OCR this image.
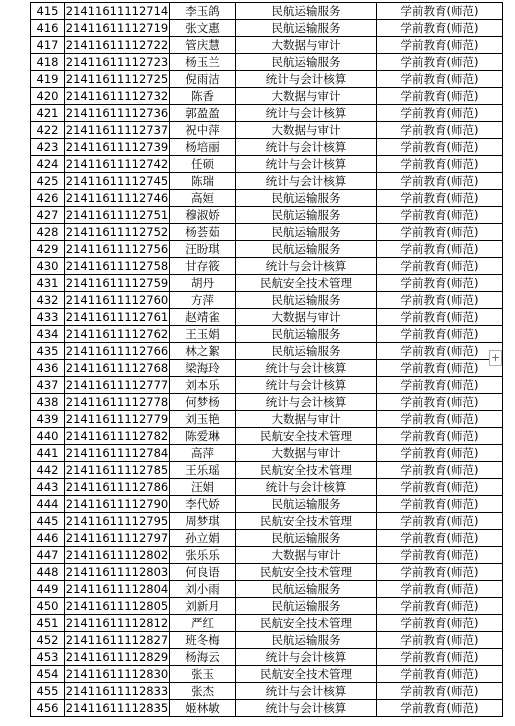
415	21411611112714	李玉鸽	民航运输服务	学前教育(师范)
416	21411611112719	张文惠	民航运输服务	学前教育(师范)
417	21411611112722	管庆慧	大数据与审计	学前教育(师范)
418	21411611112723	杨玉兰	民航运输服务	学前教育(师范)
419	21411611112725	倪雨洁	统计与会计核算	学前教育(师范)
420	21411611112732	陈香	大数据与审计	学前教育(师范)
421	21411611112736	郭盈盈	统计与会计核算	学前教育(师范)
422	21411611112737	祝中萍	大数据与审计	学前教育(师范)
423	21411611112739	杨培丽	统计与会计核算	学前教育(师范)
424	21411611112742	任硕	统计与会计核算	学前教育(师范)
425	21411611112745	陈瑞	统计与会计核算	学前教育(师范)
426	21411611112746	高姮	民航运输服务	学前教育(师范)
427	21411611112751	穆淑娇	民航运输服务	学前教育(师范)
428	21411611112752	杨荟茹	民航运输服务	学前教育(师范)
429	21411611112756	汪盼琪	民航运输服务	学前教育(师范)
430	21411611112758	甘存筱	统计与会计核算	学前教育(师范)
431	21411611112759	胡丹	民航安全技术管理	学前教育(师范)
432	21411611112760	方萍	民航运输服务	学前教育(师范)
433	21411611112761	赵靖雀	大数据与审计	学前教育(师范)
434	21411611112762	王玉娟	民航运输服务	学前教育(师范)
435	21411611112766	林之絮	民航运输服务	学前教育(师范)
436	21411611112768	梁海玲	统计与会计核算	学前教育(师范)
437	21411611112777	刘本乐	统计与会计核算	学前教育(师范)
438	21411611112778	何梦杨	统计与会计核算	学前教育(师范)
439	21411611112779	刘玉艳	大数据与审计	学前教育(师范)
440	21411611112782	陈爱琳	民航安全技术管理	学前教育(师范)
441	21411611112784	高萍	大数据与审计	学前教育(师范)
442	21411611112785	王乐瑶	民航安全技术管理	学前教育(师范)
443	21411611112786	汪娟	统计与会计核算	学前教育(师范)
444	21411611112790	李代娇	民航运输服务	学前教育(师范)
445	21411611112795	周梦琪	民航安全技术管理	学前教育(师范)
446	21411611112797	孙立娟	民航运输服务	学前教育(师范)
447	21411611112802	张乐乐	大数据与审计	学前教育(师范)
448	21411611112803	何良语	民航安全技术管理	学前教育(师范)
449	21411611112804	刘小雨	民航运输服务	学前教育(师范)
450	21411611112805	刘新月	民航运输服务	学前教育(师范)
451	21411611112812	严红	民航安全技术管理	学前教育(师范)
452	21411611112827	班冬梅	民航运输服务	学前教育(师范)
453	21411611112829	杨海云	统计与会计核算	学前教育(师范)
454	21411611112830	张玉	民航安全技术管理	学前教育(师范)
455	21411611112833	张杰	统计与会计核算	学前教育(师范)
456	21411611112835	姬林敏	统计与会计核算	学前教育(师范)
+
